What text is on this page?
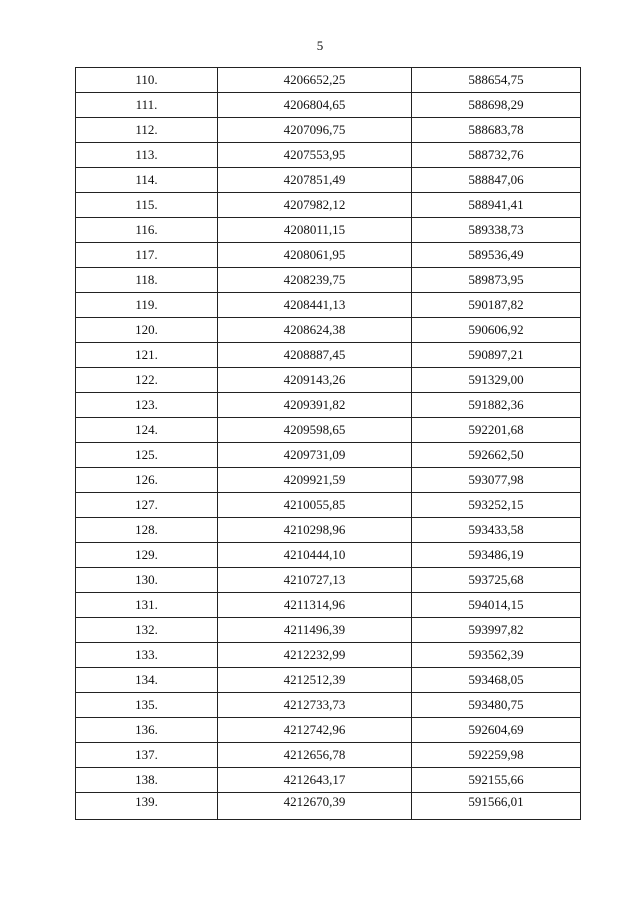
5
110.	4206652,25	588654,75
111.	4206804,65	588698,29
112.	4207096,75	588683,78
113.	4207553,95	588732,76
114.	4207851,49	588847,06
115.	4207982,12	588941,41
116.	4208011,15	589338,73
117.	4208061,95	589536,49
118.	4208239,75	589873,95
119.	4208441,13	590187,82
120.	4208624,38	590606,92
121.	4208887,45	590897,21
122.	4209143,26	591329,00
123.	4209391,82	591882,36
124.	4209598,65	592201,68
125.	4209731,09	592662,50
126.	4209921,59	593077,98
127.	4210055,85	593252,15
128.	4210298,96	593433,58
129.	4210444,10	593486,19
130.	4210727,13	593725,68
131.	4211314,96	594014,15
132.	4211496,39	593997,82
133.	4212232,99	593562,39
134.	4212512,39	593468,05
135.	4212733,73	593480,75
136.	4212742,96	592604,69
137.	4212656,78	592259,98
138.	4212643,17	592155,66
139.	4212670,39	591566,01
